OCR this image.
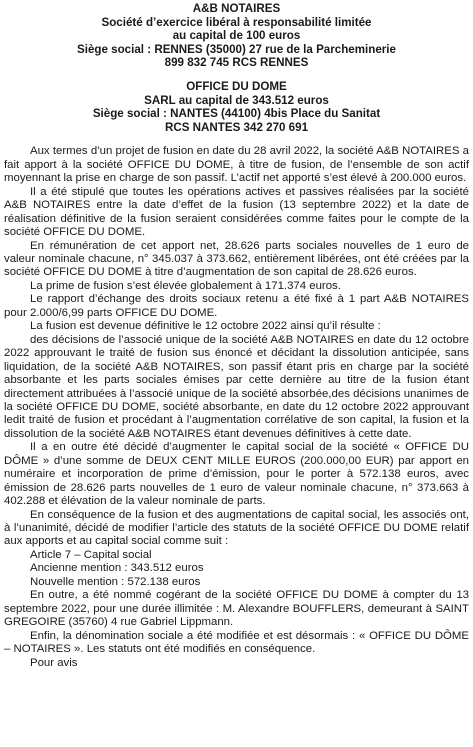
A&B NOTAIRES
Société d’exercice libéral à responsabilité limitée
au capital de 100 euros
Siège social : RENNES (35000) 27 rue de la Parcheminerie
899 832 745 RCS RENNES
OFFICE DU DOME
SARL au capital de 343.512 euros
Siège social : NANTES (44100) 4bis Place du Sanitat
RCS NANTES 342 270 691

Aux termes d’un projet de fusion en date du 28 avril 2022, la société A&B NOTAIRES a fait apport à la société OFFICE DU DOME, à titre de fusion, de l’ensemble de son actif moyennant la prise en charge de son passif. L’actif net apporté s’est élevé à 200.000 euros.

Il a été stipulé que toutes les opérations actives et passives réalisées par la société A&B NOTAIRES entre la date d’effet de la fusion (13 septembre 2022) et la date de réalisation définitive de la fusion seraient considérées comme faites pour le compte de la société OFFICE DU DOME.

En rémunération de cet apport net, 28.626 parts sociales nouvelles de 1 euro de valeur nominale chacune, n° 345.037 à 373.662, entièrement libérées, ont été créées par la société OFFICE DU DOME à titre d’augmentation de son capital de 28.626 euros.

La prime de fusion s’est élevée globalement à 171.374 euros.

Le rapport d’échange des droits sociaux retenu a été fixé à 1 part A&B NOTAIRES pour 2.000/6,99 parts OFFICE DU DOME.

La fusion est devenue définitive le 12 octobre 2022 ainsi qu’il résulte :

des décisions de l’associé unique de la société A&B NOTAIRES en date du 12 octobre 2022 approuvant le traité de fusion sus énoncé et décidant la dissolution anticipée, sans liquidation, de la société A&B NOTAIRES, son passif étant pris en charge par la société absorbante et les parts sociales émises par cette dernière au titre de la fusion étant directement attribuées à l’associé unique de la société absorbée,des décisions unanimes de la société OFFICE DU DOME, société absorbante, en date du 12 octobre 2022 approuvant ledit traité de fusion et procédant à l’augmentation corrélative de son capital, la fusion et la dissolution de la société A&B NOTAIRES étant devenues définitives à cette date.

Il a en outre été décidé d’augmenter le capital social de la société « OFFICE DU DÔME » d’une somme de DEUX CENT MILLE EUROS (200.000,00 EUR) par apport en numéraire et incorporation de prime d’émission, pour le porter à 572.138 euros, avec émission de 28.626 parts nouvelles de 1 euro de valeur nominale chacune, n° 373.663 à 402.288 et élévation de la valeur nominale de parts.

En conséquence de la fusion et des augmentations de capital social, les associés ont, à l’unanimité, décidé de modifier l’article des statuts de la société OFFICE DU DOME relatif aux apports et au capital social comme suit :

Article 7 – Capital social

Ancienne mention : 343.512 euros

Nouvelle mention : 572.138 euros

En outre, a été nommé cogérant de la société OFFICE DU DOME à compter du 13 septembre 2022, pour une durée illimitée : M. Alexandre BOUFFLERS, demeurant à SAINT GREGOIRE (35760) 4 rue Gabriel Lippmann.

Enfin, la dénomination sociale a été modifiée et est désormais : « OFFICE DU DÔME – NOTAIRES ». Les statuts ont été modifiés en conséquence.

Pour avis
